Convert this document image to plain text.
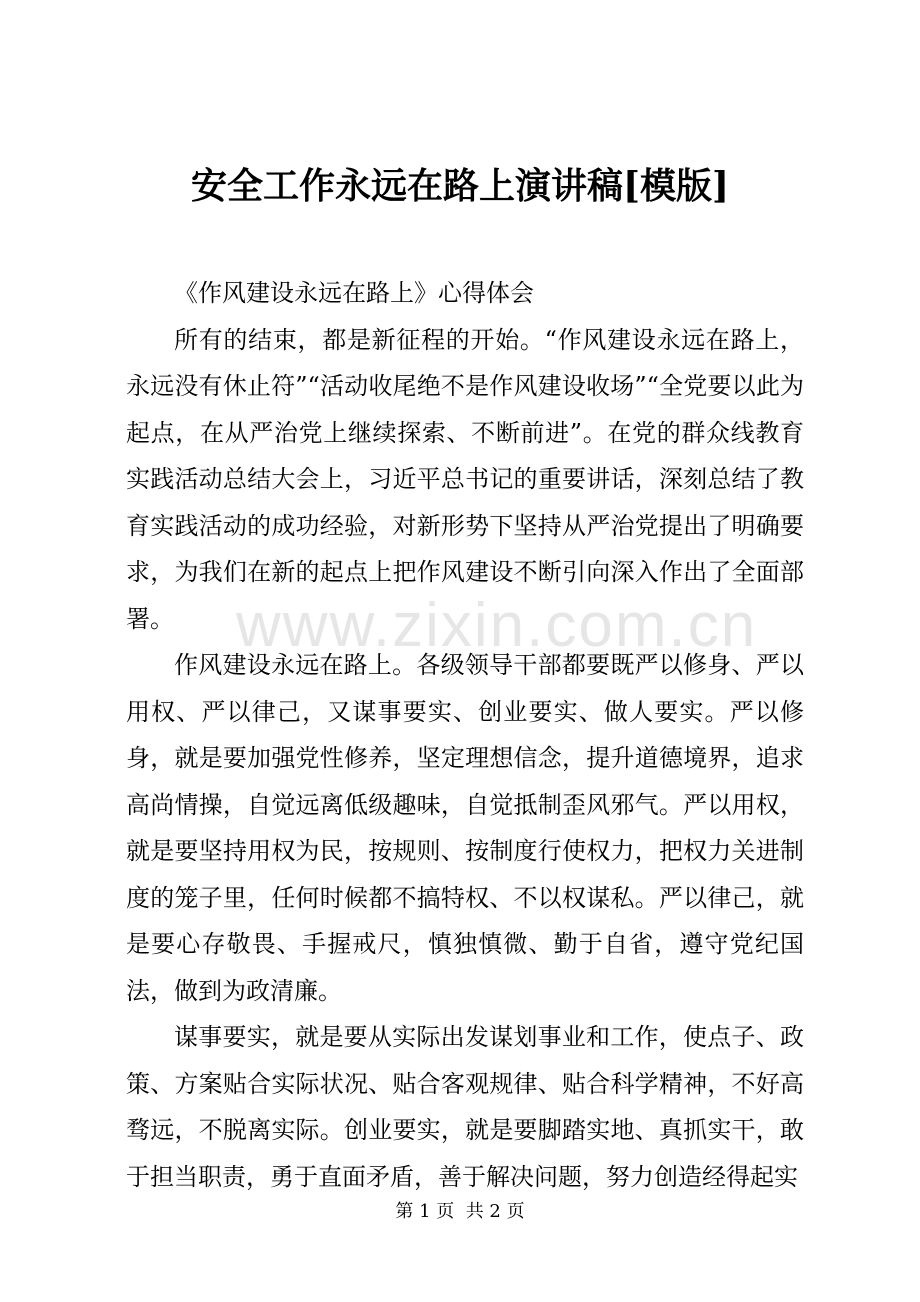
www.zixin.com.cn
安全工作永远在路上演讲稿[模版]

《作风建设永远在路上》心得体会

所有的结束，都是新征程的开始。“作风建设永远在路上，永远没有休止符”“活动收尾绝不是作风建设收场”“全党要以此为起点，在从严治党上继续探索、不断前进”。在党的群众线教育实践活动总结大会上，习近平总书记的重要讲话，深刻总结了教育实践活动的成功经验，对新形势下坚持从严治党提出了明确要求，为我们在新的起点上把作风建设不断引向深入作出了全面部署。

作风建设永远在路上。各级领导干部都要既严以修身、严以用权、严以律己，又谋事要实、创业要实、做人要实。严以修身，就是要加强党性修养，坚定理想信念，提升道德境界，追求高尚情操，自觉远离低级趣味，自觉抵制歪风邪气。严以用权，就是要坚持用权为民，按规则、按制度行使权力，把权力关进制度的笼子里，任何时候都不搞特权、不以权谋私。严以律己，就是要心存敬畏、手握戒尺，慎独慎微、勤于自省，遵守党纪国法，做到为政清廉。

谋事要实，就是要从实际出发谋划事业和工作，使点子、政策、方案贴合实际状况、贴合客观规律、贴合科学精神，不好高骛远，不脱离实际。创业要实，就是要脚踏实地、真抓实干，敢于担当职责，勇于直面矛盾，善于解决问题，努力创造经得起实

第 1 页  共 2 页
